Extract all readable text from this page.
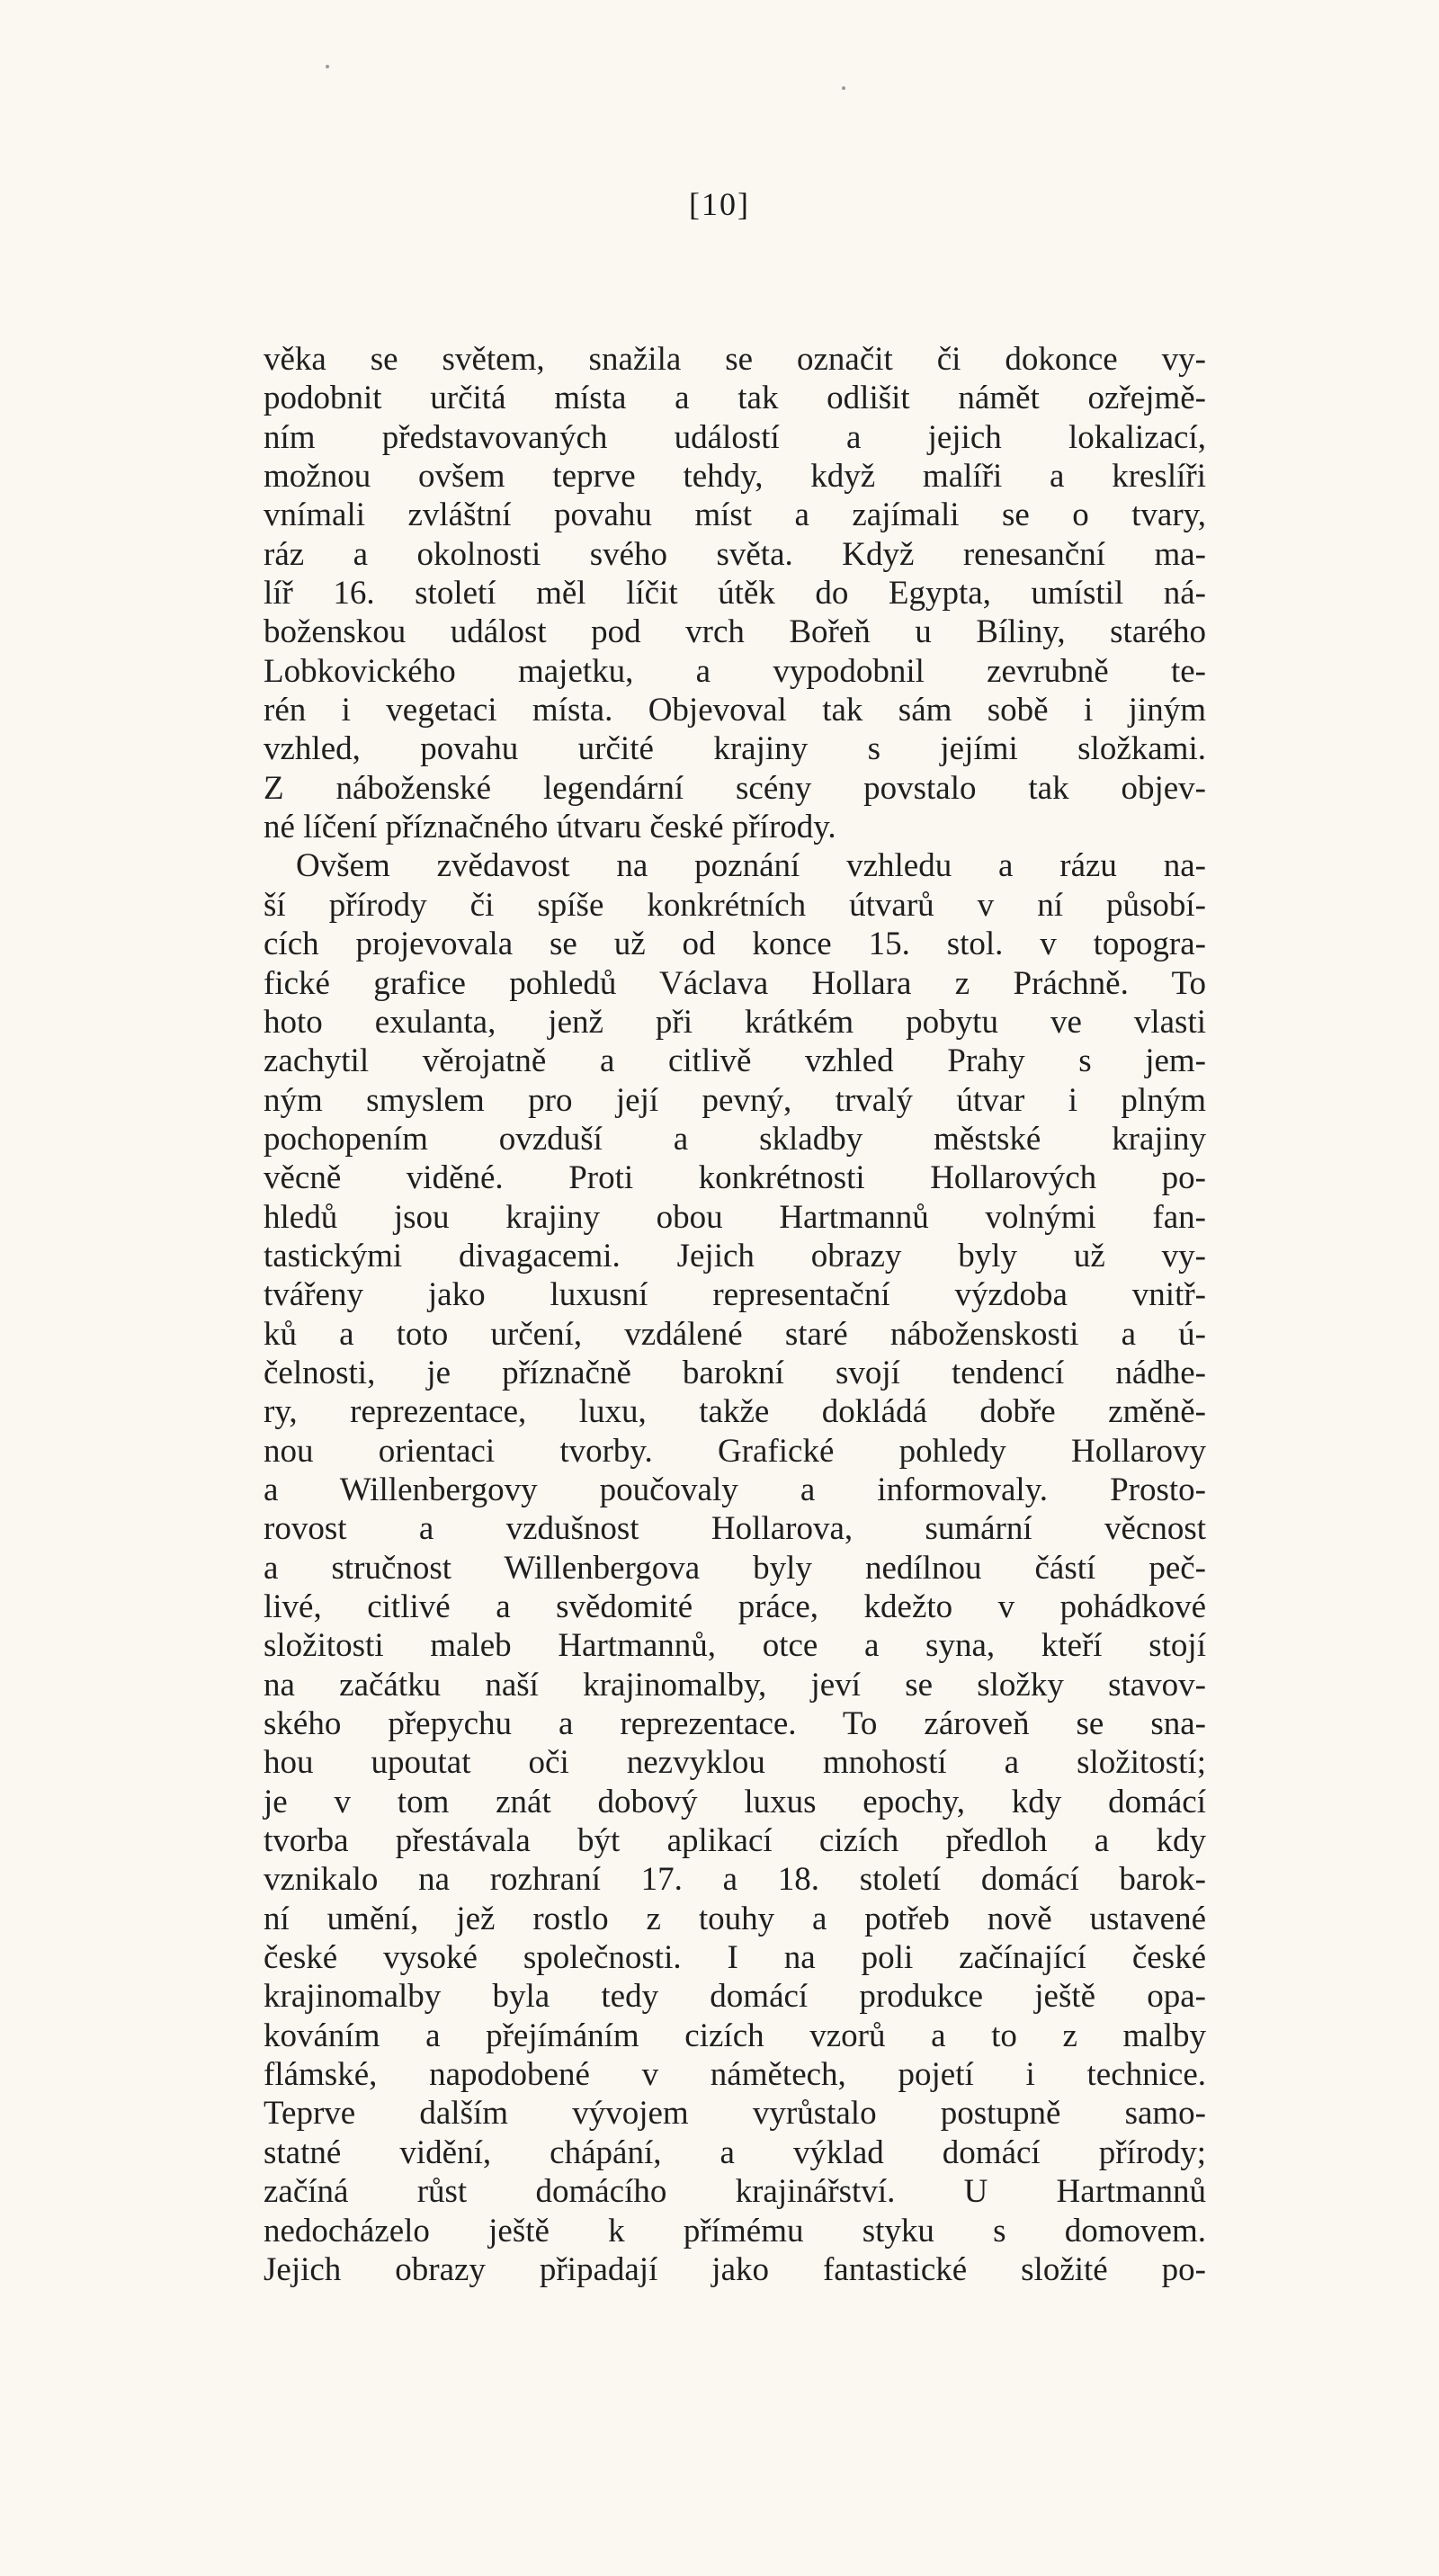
[10]
věka se světem, snažila se označit či dokonce vy-
podobnit určitá místa a tak odlišit námět ozřejmě-
ním představovaných událostí a jejich lokalizací,
možnou ovšem teprve tehdy, když malíři a kreslíři
vnímali zvláštní povahu míst a zajímali se o tvary,
ráz a okolnosti svého světa. Když renesanční ma-
líř 16. století měl líčit útěk do Egypta, umístil ná-
boženskou událost pod vrch Bořeň u Bíliny, starého
Lobkovického majetku, a vypodobnil zevrubně te-
rén i vegetaci místa. Objevoval tak sám sobě i jiným
vzhled, povahu určité krajiny s jejími složkami.
Z náboženské legendární scény povstalo tak objev-
né líčení příznačného útvaru české přírody.
Ovšem zvědavost na poznání vzhledu a rázu na-
ší přírody či spíše konkrétních útvarů v ní působí-
cích projevovala se už od konce 15. stol. v topogra-
fické grafice pohledů Václava Hollara z Práchně. To
hoto exulanta, jenž při krátkém pobytu ve vlasti
zachytil věrojatně a citlivě vzhled Prahy s jem-
ným smyslem pro její pevný, trvalý útvar i plným
pochopením ovzduší a skladby městské krajiny
věcně viděné. Proti konkrétnosti Hollarových po-
hledů jsou krajiny obou Hartmannů volnými fan-
tastickými divagacemi. Jejich obrazy byly už vy-
tvářeny jako luxusní representační výzdoba vnitř-
ků a toto určení, vzdálené staré náboženskosti a ú-
čelnosti, je příznačně barokní svojí tendencí nádhe-
ry, reprezentace, luxu, takže dokládá dobře změně-
nou orientaci tvorby. Grafické pohledy Hollarovy
a Willenbergovy poučovaly a informovaly. Prosto-
rovost a vzdušnost Hollarova, sumární věcnost
a stručnost Willenbergova byly nedílnou částí peč-
livé, citlivé a svědomité práce, kdežto v pohádkové
složitosti maleb Hartmannů, otce a syna, kteří stojí
na začátku naší krajinomalby, jeví se složky stavov-
ského přepychu a reprezentace. To zároveň se sna-
hou upoutat oči nezvyklou mnohostí a složitostí;
je v tom znát dobový luxus epochy, kdy domácí
tvorba přestávala být aplikací cizích předloh a kdy
vznikalo na rozhraní 17. a 18. století domácí barok-
ní umění, jež rostlo z touhy a potřeb nově ustavené
české vysoké společnosti. I na poli začínající české
krajinomalby byla tedy domácí produkce ještě opa-
kováním a přejímáním cizích vzorů a to z malby
flámské, napodobené v námětech, pojetí i technice.
Teprve dalším vývojem vyrůstalo postupně samo-
statné vidění, chápání, a výklad domácí přírody;
začíná růst domácího krajinářství. U Hartmannů
nedocházelo ještě k přímému styku s domovem.
Jejich obrazy připadají jako fantastické složité po-
